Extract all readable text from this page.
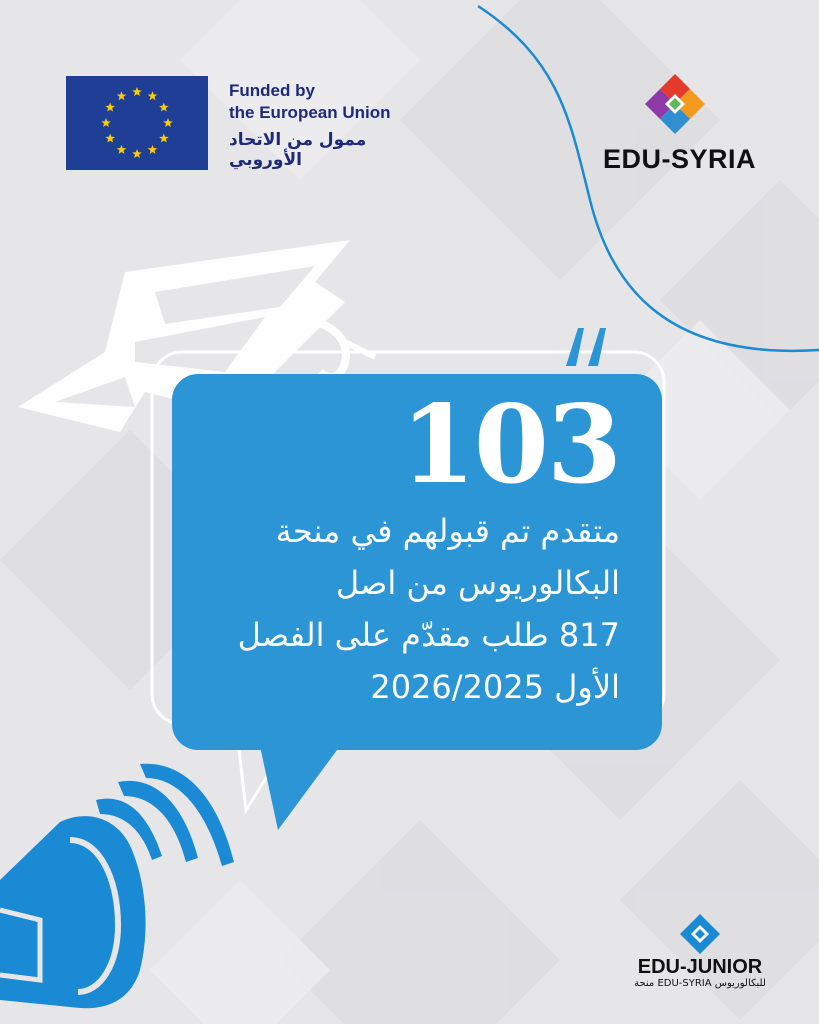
Funded by
the European Union
ممول من الاتحاد الأوروبي	EDU-SYRIA
103
متقدم تم قبولهم في منحة
البكالوريوس من اصل
817 طلب مقدّم على الفصل
الأول 2026/2025
EDU-JUNIOR
منحة EDU-SYRIA للبكالوريوس
